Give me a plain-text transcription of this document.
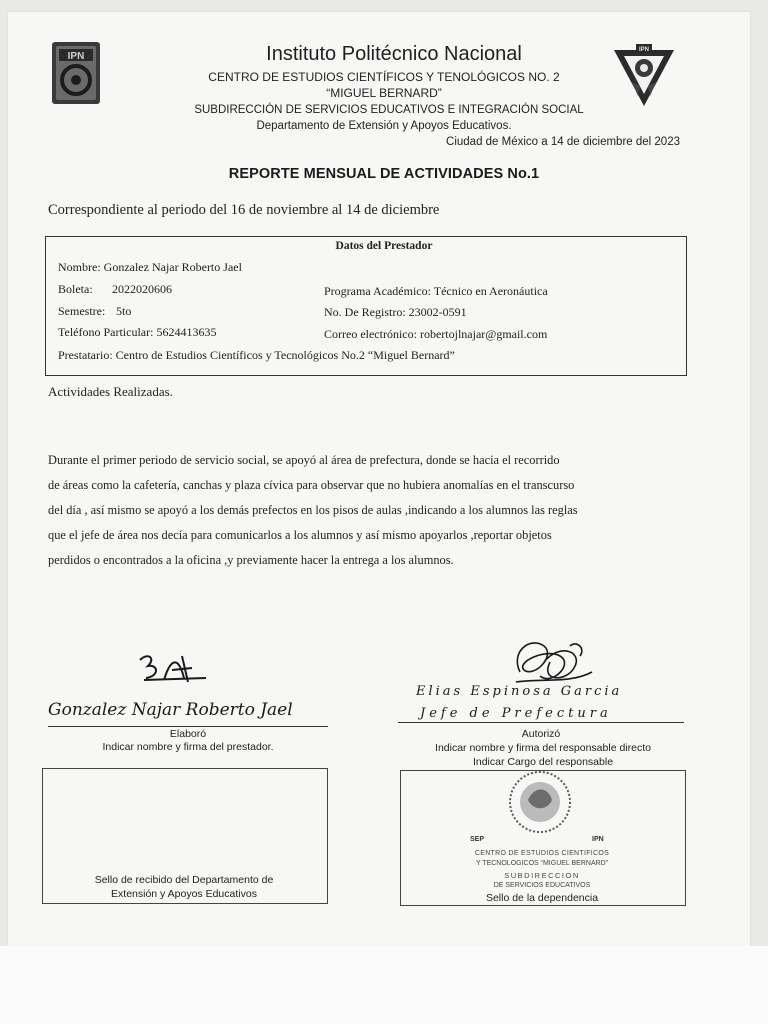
IPN
IPN
Instituto Politécnico Nacional
CENTRO DE ESTUDIOS CIENTÍFICOS Y TENOLÓGICOS NO. 2
“MIGUEL BERNARD”
SUBDIRECCIÓN DE SERVICIOS EDUCATIVOS E INTEGRACIÓN SOCIAL
Departamento de Extensión y Apoyos Educativos.
Ciudad de México a 14 de diciembre del 2023
REPORTE MENSUAL DE ACTIVIDADES No.1
Correspondiente al periodo del 16 de noviembre al 14 de diciembre
Datos del Prestador
Nombre: Gonzalez Najar Roberto Jael
Boleta: 2022020606	Programa Académico: Técnico en Aeronáutica
Semestre: 5to	No. De Registro: 23002-0591
Teléfono Particular: 5624413635	Correo electrónico: robertojlnajar@gmail.com
Prestatario: Centro de Estudios Científicos y Tecnológicos No.2 “Miguel Bernard”
Actividades Realizadas.
Durante el primer periodo de servicio social, se apoyó al área de prefectura, donde se hacia el recorrido
de áreas como la cafetería, canchas y plaza cívica para observar que no hubiera anomalías en el transcurso
del día , así mismo se apoyó a los demás prefectos en los pisos de aulas ,indicando a los alumnos las reglas
que el jefe de área nos decía para comunicarlos a los alumnos y así mismo apoyarlos ,reportar objetos
perdidos o encontrados a la oficina ,y previamente hacer la entrega a los alumnos.
Gonzalez Najar Roberto Jael
Elaboró
Indicar nombre y firma del prestador.
Elias Espinosa Garcia
Jefe de Prefectura
Autorizó
Indicar nombre y firma del responsable directo
Indicar Cargo del responsable
Sello de recibido del Departamento de
Extensión y Apoyos Educativos
SEP	IPN
CENTRO DE ESTUDIOS CIENTIFICOS
Y TECNOLOGICOS “MIGUEL BERNARD”
SUBDIRECCION
DE SERVICIOS EDUCATIVOS
Sello de la dependencia
